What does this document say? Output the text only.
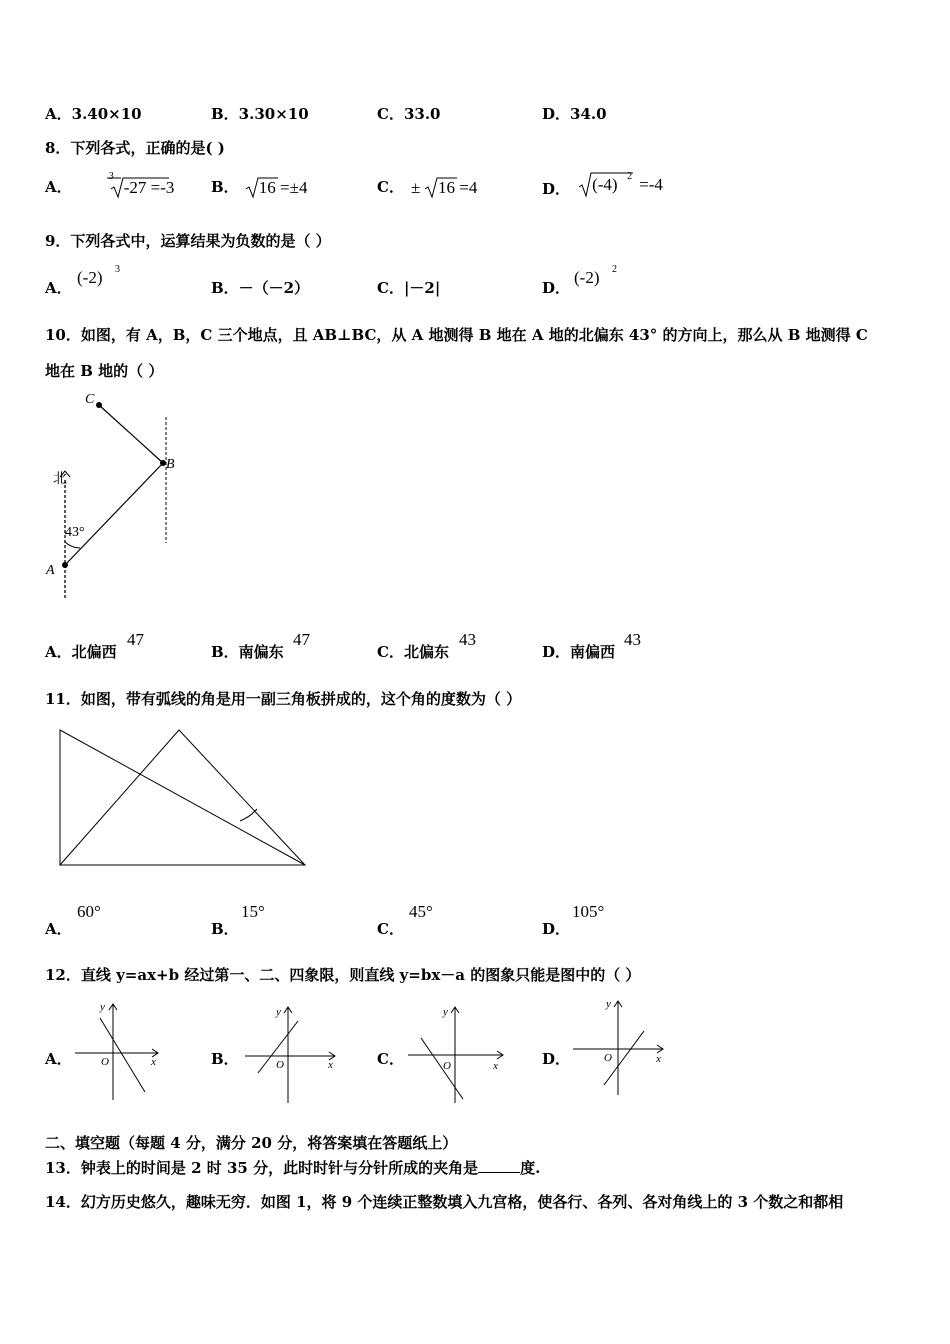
A．3.40×10	B．3.30×10	C．33.0	D．34.0
8．下列各式，正确的是( )
A．
3
-27 =-3 B． 16 =±4	C． ± 16 =4	D． (-4) 2 =-4
9．下列各式中，运算结果为负数的是（ ）
A．
(-2) 3
B．－（－2）	C．|－2|	D．
(-2) 2
10．如图，有 A，B，C 三个地点，且 AB⊥BC，从 A 地测得 B 地在 A 地的北偏东 43° 的方向上，那么从 B 地测得 C
地在 B 地的（ ）
C
B
A
北
43°
A．北偏西
47
B．南偏东
47
C．北偏东
43
D．南偏西
43
11．如图，带有弧线的角是用一副三角板拼成的，这个角的度数为（ ）
A．
60°
B．
15°
C．
45°
D．
105°
12．直线 y=ax+b 经过第一、二、四象限，则直线 y=bx－a 的图象只能是图中的（ ）
A．
y
x
O	B．
y
x
O	C．
y
x
O	D．
y
x
O
二、填空题（每题 4 分，满分 20 分，将答案填在答题纸上）
13．钟表上的时间是 2 时 35 分，此时时针与分针所成的夹角是	度.
14．幻方历史悠久，趣味无穷．如图 1，将 9 个连续正整数填入九宫格，使各行、各列、各对角线上的 3 个数之和都相
